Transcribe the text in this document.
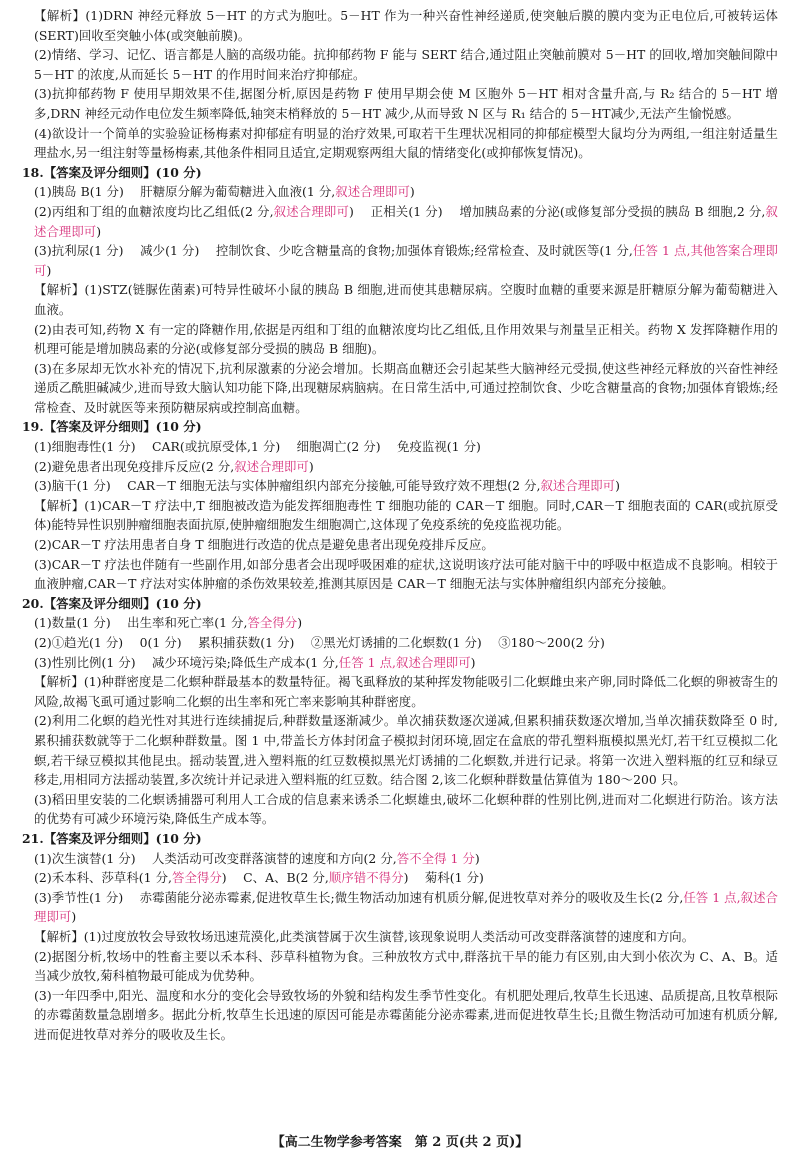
【解析】(1)DRN 神经元释放 5－HT 的方式为胞吐。5－HT 作为一种兴奋性神经递质,使突触后膜的膜内变为正电位后,可被转运体(SERT)回收至突触小体(或突触前膜)。

(2)情绪、学习、记忆、语言都是人脑的高级功能。抗抑郁药物 F 能与 SERT 结合,通过阻止突触前膜对 5－HT 的回收,增加突触间隙中 5－HT 的浓度,从而延长 5－HT 的作用时间来治疗抑郁症。

(3)抗抑郁药物 F 使用早期效果不佳,据图分析,原因是药物 F 使用早期会使 M 区胞外 5－HT 相对含量升高,与 R₂ 结合的 5－HT 增多,DRN 神经元动作电位发生频率降低,轴突末梢释放的 5－HT 减少,从而导致 N 区与 R₁ 结合的 5－HT减少,无法产生愉悦感。

(4)欲设计一个简单的实验验证杨梅素对抑郁症有明显的治疗效果,可取若干生理状况相同的抑郁症模型大鼠均分为两组,一组注射适量生理盐水,另一组注射等量杨梅素,其他条件相同且适宜,定期观察两组大鼠的情绪变化(或抑郁恢复情况)。

18.【答案及评分细则】(10 分)

(1)胰岛 B(1 分)　 肝糖原分解为葡萄糖进入血液(1 分,叙述合理即可)

(2)丙组和丁组的血糖浓度均比乙组低(2 分,叙述合理即可)　 正相关(1 分)　 增加胰岛素的分泌(或修复部分受损的胰岛 B 细胞,2 分,叙述合理即可)

(3)抗利尿(1 分)　 减少(1 分)　 控制饮食、少吃含糖量高的食物;加强体育锻炼;经常检查、及时就医等(1 分,任答 1 点,其他答案合理即可)

【解析】(1)STZ(链脲佐菌素)可特异性破坏小鼠的胰岛 B 细胞,进而使其患糖尿病。空腹时血糖的重要来源是肝糖原分解为葡萄糖进入血液。

(2)由表可知,药物 X 有一定的降糖作用,依据是丙组和丁组的血糖浓度均比乙组低,且作用效果与剂量呈正相关。药物 X 发挥降糖作用的机理可能是增加胰岛素的分泌(或修复部分受损的胰岛 B 细胞)。

(3)在多尿却无饮水补充的情况下,抗利尿激素的分泌会增加。长期高血糖还会引起某些大脑神经元受损,使这些神经元释放的兴奋性神经递质乙酰胆碱减少,进而导致大脑认知功能下降,出现糖尿病脑病。在日常生活中,可通过控制饮食、少吃含糖量高的食物;加强体育锻炼;经常检查、及时就医等来预防糖尿病或控制高血糖。

19.【答案及评分细则】(10 分)

(1)细胞毒性(1 分)　 CAR(或抗原受体,1 分)　 细胞凋亡(2 分)　 免疫监视(1 分)

(2)避免患者出现免疫排斥反应(2 分,叙述合理即可)

(3)脑干(1 分)　 CAR－T 细胞无法与实体肿瘤组织内部充分接触,可能导致疗效不理想(2 分,叙述合理即可)

【解析】(1)CAR－T 疗法中,T 细胞被改造为能发挥细胞毒性 T 细胞功能的 CAR－T 细胞。同时,CAR－T 细胞表面的 CAR(或抗原受体)能特异性识别肿瘤细胞表面抗原,使肿瘤细胞发生细胞凋亡,这体现了免疫系统的免疫监视功能。

(2)CAR－T 疗法用患者自身 T 细胞进行改造的优点是避免患者出现免疫排斥反应。

(3)CAR－T 疗法也伴随有一些副作用,如部分患者会出现呼吸困难的症状,这说明该疗法可能对脑干中的呼吸中枢造成不良影响。相较于血液肿瘤,CAR－T 疗法对实体肿瘤的杀伤效果较差,推测其原因是 CAR－T 细胞无法与实体肿瘤组织内部充分接触。

20.【答案及评分细则】(10 分)

(1)数量(1 分)　 出生率和死亡率(1 分,答全得分)

(2)①趋光(1 分)　 0(1 分)　 累积捕获数(1 分)　 ②黑光灯诱捕的二化螟数(1 分)　 ③180～200(2 分)

(3)性别比例(1 分)　 减少环境污染;降低生产成本(1 分,任答 1 点,叙述合理即可)

【解析】(1)种群密度是二化螟种群最基本的数量特征。褐飞虱释放的某种挥发物能吸引二化螟雌虫来产卵,同时降低二化螟的卵被寄生的风险,故褐飞虱可通过影响二化螟的出生率和死亡率来影响其种群密度。

(2)利用二化螟的趋光性对其进行连续捕捉后,种群数量逐渐减少。单次捕获数逐次递减,但累积捕获数逐次增加,当单次捕获数降至 0 时,累积捕获数就等于二化螟种群数量。图 1 中,带盖长方体封闭盒子模拟封闭环境,固定在盒底的带孔塑料瓶模拟黑光灯,若干红豆模拟二化螟,若干绿豆模拟其他昆虫。摇动装置,进入塑料瓶的红豆数模拟黑光灯诱捕的二化螟数,并进行记录。将第一次进入塑料瓶的红豆和绿豆移走,用相同方法摇动装置,多次统计并记录进入塑料瓶的红豆数。结合图 2,该二化螟种群数量估算值为 180～200 只。

(3)稻田里安装的二化螟诱捕器可利用人工合成的信息素来诱杀二化螟雄虫,破坏二化螟种群的性别比例,进而对二化螟进行防治。该方法的优势有可减少环境污染,降低生产成本等。

21.【答案及评分细则】(10 分)

(1)次生演替(1 分)　 人类活动可改变群落演替的速度和方向(2 分,答不全得 1 分)

(2)禾本科、莎草科(1 分,答全得分)　 C、A、B(2 分,顺序错不得分)　 菊科(1 分)

(3)季节性(1 分)　 赤霉菌能分泌赤霉素,促进牧草生长;微生物活动加速有机质分解,促进牧草对养分的吸收及生长(2 分,任答 1 点,叙述合理即可)

【解析】(1)过度放牧会导致牧场迅速荒漠化,此类演替属于次生演替,该现象说明人类活动可改变群落演替的速度和方向。

(2)据图分析,牧场中的牲畜主要以禾本科、莎草科植物为食。三种放牧方式中,群落抗干旱的能力有区别,由大到小依次为 C、A、B。适当减少放牧,菊科植物最可能成为优势种。

(3)一年四季中,阳光、温度和水分的变化会导致牧场的外貌和结构发生季节性变化。有机肥处理后,牧草生长迅速、品质提高,且牧草根际的赤霉菌数量急剧增多。据此分析,牧草生长迅速的原因可能是赤霉菌能分泌赤霉素,进而促进牧草生长;且微生物活动可加速有机质分解,进而促进牧草对养分的吸收及生长。

【高二生物学参考答案　第 2 页(共 2 页)】
